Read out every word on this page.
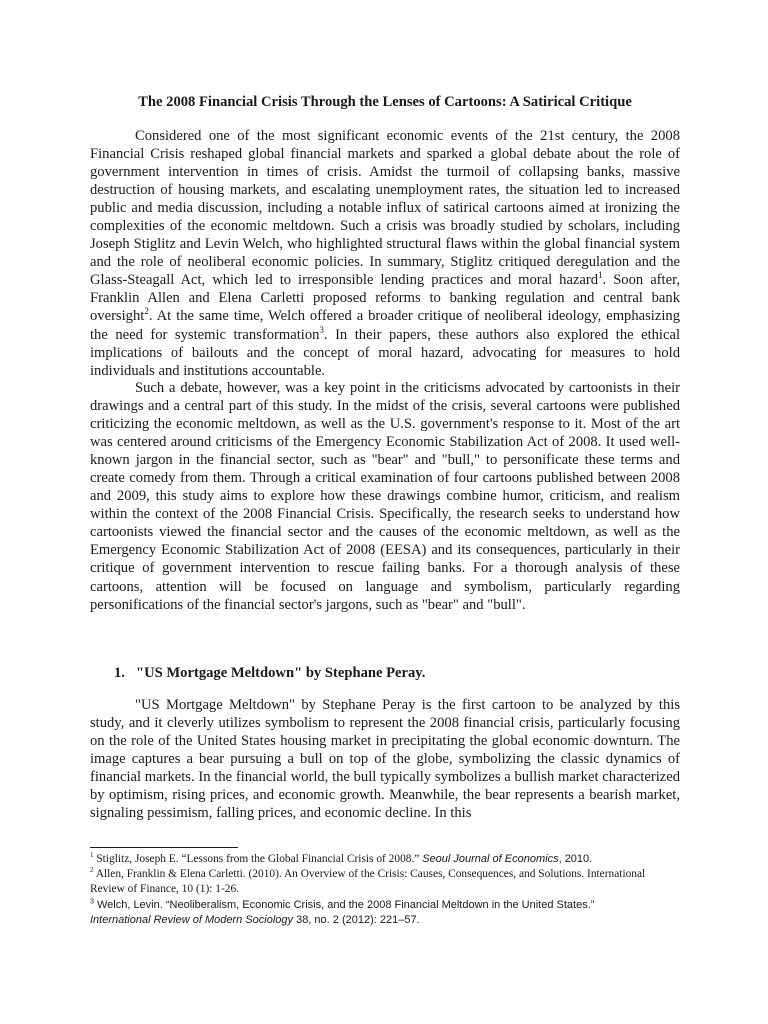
The 2008 Financial Crisis Through the Lenses of Cartoons: A Satirical Critique

Considered one of the most significant economic events of the 21st century, the 2008 Financial Crisis reshaped global financial markets and sparked a global debate about the role of government intervention in times of crisis. Amidst the turmoil of collapsing banks, massive destruction of housing markets, and escalating unemployment rates, the situation led to increased public and media discussion, including a notable influx of satirical cartoons aimed at ironizing the complexities of the economic meltdown. Such a crisis was broadly studied by scholars, including Joseph Stiglitz and Levin Welch, who highlighted structural flaws within the global financial system and the role of neoliberal economic policies. In summary, Stiglitz critiqued deregulation and the Glass-Steagall Act, which led to irresponsible lending practices and moral hazard$^1$. Soon after, Franklin Allen and Elena Carletti proposed reforms to banking regulation and central bank oversight$^2$. At the same time, Welch offered a broader critique of neoliberal ideology, emphasizing the need for systemic transformation$^3$. In their papers, these authors also explored the ethical implications of bailouts and the concept of moral hazard, advocating for measures to hold individuals and institutions accountable.

Such a debate, however, was a key point in the criticisms advocated by cartoonists in their drawings and a central part of this study. In the midst of the crisis, several cartoons were published criticizing the economic meltdown, as well as the U.S. government's response to it. Most of the art was centered around criticisms of the Emergency Economic Stabilization Act of 2008. It used well-known jargon in the financial sector, such as "bear" and "bull," to personificate these terms and create comedy from them. Through a critical examination of four cartoons published between 2008 and 2009, this study aims to explore how these drawings combine humor, criticism, and realism within the context of the 2008 Financial Crisis. Specifically, the research seeks to understand how cartoonists viewed the financial sector and the causes of the economic meltdown, as well as the Emergency Economic Stabilization Act of 2008 (EESA) and its consequences, particularly in their critique of government intervention to rescue failing banks. For a thorough analysis of these cartoons, attention will be focused on language and symbolism, particularly regarding personifications of the financial sector's jargons, such as "bear" and "bull".

1. "US Mortgage Meltdown" by Stephane Peray.

"US Mortgage Meltdown" by Stephane Peray is the first cartoon to be analyzed by this study, and it cleverly utilizes symbolism to represent the 2008 financial crisis, particularly focusing on the role of the United States housing market in precipitating the global economic downturn. The image captures a bear pursuing a bull on top of the globe, symbolizing the classic dynamics of financial markets. In the financial world, the bull typically symbolizes a bullish market characterized by optimism, rising prices, and economic growth. Meanwhile, the bear represents a bearish market, signaling pessimism, falling prices, and economic decline. In this

$^1$ Stiglitz, Joseph E. “Lessons from the Global Financial Crisis of 2008.” Seoul Journal of Economics, 2010.

$^2$ Allen, Franklin & Elena Carletti. (2010). An Overview of the Crisis: Causes, Consequences, and Solutions. International Review of Finance, 10 (1): 1-26.

$^3$ Welch, Levin. “Neoliberalism, Economic Crisis, and the 2008 Financial Meltdown in the United States.”
International Review of Modern Sociology 38, no. 2 (2012): 221–57.
